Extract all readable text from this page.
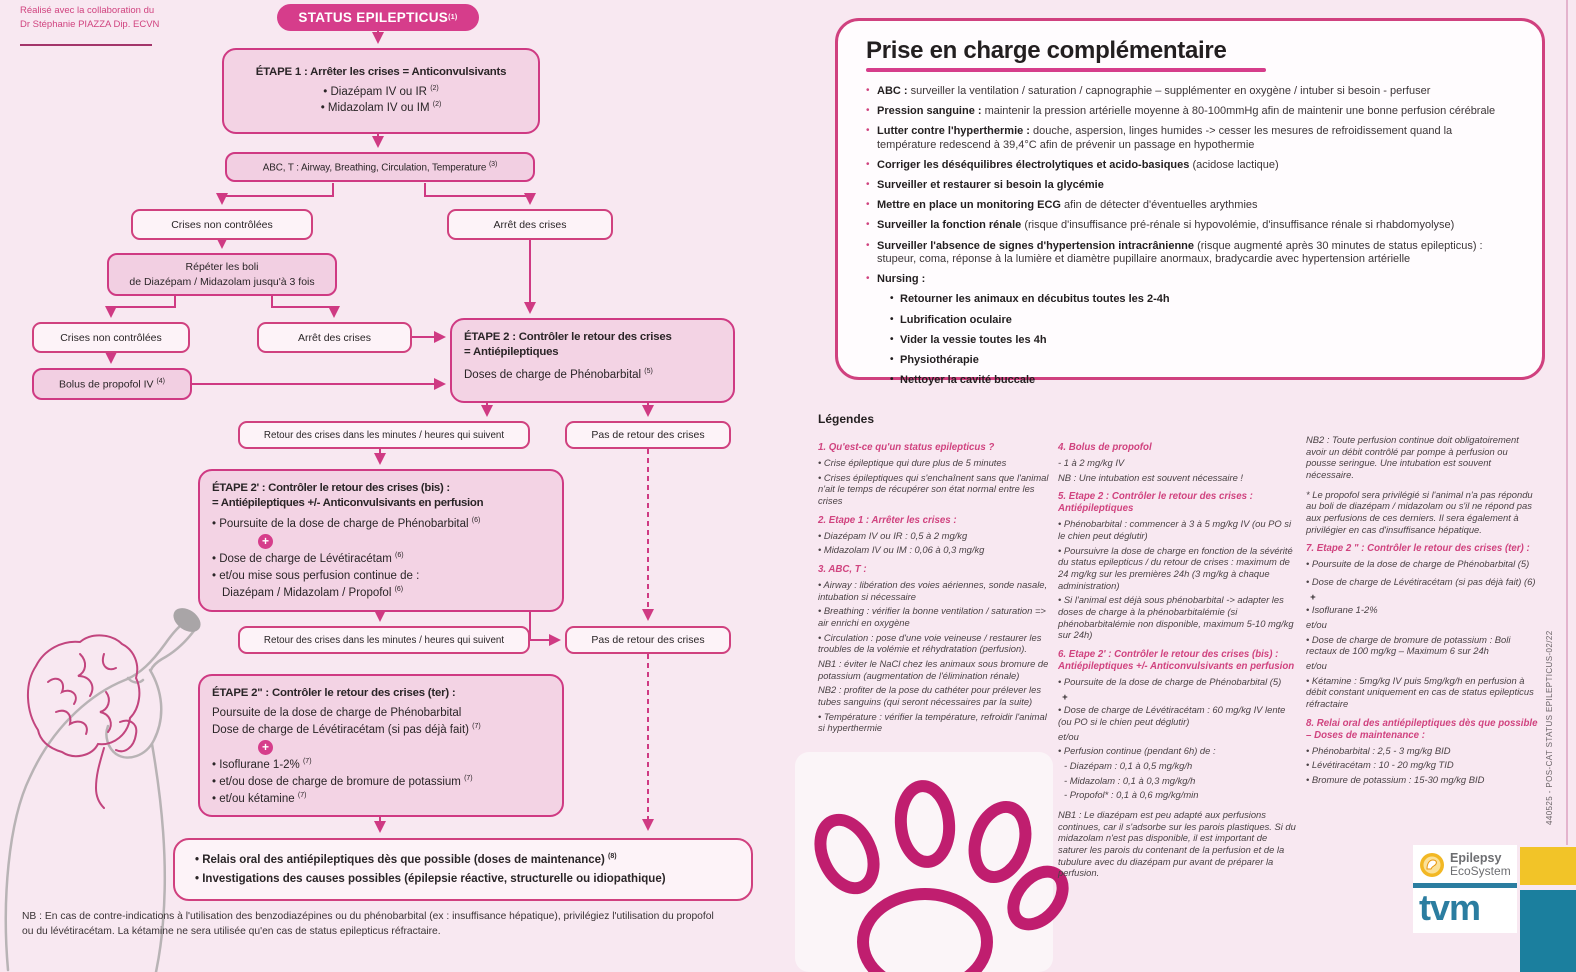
Réalisé avec la collaboration du
Dr Stéphanie PIAZZA Dip. ECVN	STATUS EPILEPTICUS (1)
ÉTAPE 1 : Arrêter les crises = Anticonvulsivants
• Diazépam IV ou IR $^{(2)}$
• Midazolam IV ou IM $^{(2)}$
ABC, T : Airway, Breathing, Circulation, Temperature $^{(3)}$
Crises non contrôlées	Arrêt des crises
Répéter les boli
de Diazépam / Midazolam jusqu'à 3 fois
Crises non contrôlées	Arrêt des crises
Bolus de propofol IV $^{(4)}$
ÉTAPE 2 : Contrôler le retour des crises
= Antiépileptiques
Doses de charge de Phénobarbital $^{(5)}$
Retour des crises dans les minutes / heures qui suivent	Pas de retour des crises
ÉTAPE 2' : Contrôler le retour des crises (bis) :
= Antiépileptiques +/- Anticonvulsivants en perfusion
• Poursuite de la dose de charge de Phénobarbital $^{(6)}$
+
• Dose de charge de Lévétiracétam $^{(6)}$
• et/ou mise sous perfusion continue de :
Diazépam / Midazolam / Propofol $^{(6)}$
Retour des crises dans les minutes / heures qui suivent	Pas de retour des crises
ÉTAPE 2" : Contrôler le retour des crises (ter) :
Poursuite de la dose de charge de Phénobarbital
Dose de charge de Lévétiracétam (si pas déjà fait) $^{(7)}$
+
• Isoflurane 1-2% $^{(7)}$
• et/ou dose de charge de bromure de potassium $^{(7)}$
• et/ou kétamine $^{(7)}$
• Relais oral des antiépileptiques dès que possible (doses de maintenance) $^{(8)}$
• Investigations des causes possibles (épilepsie réactive, structurelle ou idiopathique)
NB : En cas de contre-indications à l'utilisation des benzodiazépines ou du phénobarbital (ex : insuffisance hépatique), privilégiez l'utilisation du propofol ou du lévétiracétam. La kétamine ne sera utilisée qu'en cas de status epilepticus réfractaire.
Prise en charge complémentaire
• ABC : surveiller la ventilation / saturation / capnographie – supplémenter en oxygène / intuber si besoin - perfuser
• Pression sanguine : maintenir la pression artérielle moyenne à 80-100mmHg afin de maintenir une bonne perfusion cérébrale
• Lutter contre l'hyperthermie : douche, aspersion, linges humides -> cesser les mesures de refroidissement quand la température redescend à 39,4°C afin de prévenir un passage en hypothermie
• Corriger les déséquilibres électrolytiques et acido-basiques (acidose lactique)
• Surveiller et restaurer si besoin la glycémie
• Mettre en place un monitoring ECG afin de détecter d'éventuelles arythmies
• Surveiller la fonction rénale (risque d'insuffisance pré-rénale si hypovolémie, d'insuffisance rénale si rhabdomyolyse)
• Surveiller l'absence de signes d'hypertension intracrânienne (risque augmenté après 30 minutes de status epilepticus) : stupeur, coma, réponse à la lumière et diamètre pupillaire anormaux, bradycardie avec hypertension artérielle
• Nursing :
• Retourner les animaux en décubitus toutes les 2-4h
• Lubrification oculaire
• Vider la vessie toutes les 4h
• Physiothérapie
• Nettoyer la cavité buccale
Légendes

1. Qu'est-ce qu'un status epilepticus ?

• Crise épileptique qui dure plus de 5 minutes

• Crises épileptiques qui s'enchaînent sans que l'animal n'ait le temps de récupérer son état normal entre les crises

2. Etape 1 : Arrêter les crises :

• Diazépam IV ou IR : 0,5 à 2 mg/kg

• Midazolam IV ou IM : 0,06 à 0,3 mg/kg

3. ABC, T :

• Airway : libération des voies aériennes, sonde nasale, intubation si nécessaire

• Breathing : vérifier la bonne ventilation / saturation => air enrichi en oxygène

• Circulation : pose d'une voie veineuse / restaurer les troubles de la volémie et réhydratation (perfusion).

NB1 : éviter le NaCl chez les animaux sous bromure de potassium (augmentation de l'élimination rénale)

NB2 : profiter de la pose du cathéter pour prélever les tubes sanguins (qui seront nécessaires par la suite)

• Température : vérifier la température, refroidir l'animal si hyperthermie

4. Bolus de propofol

- 1 à 2 mg/kg IV

NB : Une intubation est souvent nécessaire !

5. Etape 2 : Contrôler le retour des crises : Antiépileptiques

• Phénobarbital : commencer à 3 à 5 mg/kg IV (ou PO si le chien peut déglutir)

• Poursuivre la dose de charge en fonction de la sévérité du status epilepticus / du retour de crises : maximum de 24 mg/kg sur les premières 24h (3 mg/kg à chaque administration)

• Si l'animal est déjà sous phénobarbital -> adapter les doses de charge à la phénobarbitalémie (si phénobarbitalémie non disponible, maximum 5-10 mg/kg sur 24h)

6. Etape 2' : Contrôler le retour des crises (bis) : Antiépileptiques +/- Anticonvulsivants en perfusion

• Poursuite de la dose de charge de Phénobarbital (5)

+

• Dose de charge de Lévétiracétam : 60 mg/kg IV lente (ou PO si le chien peut déglutir)

et/ou

• Perfusion continue (pendant 6h) de :

- Diazépam : 0,1 à 0,5 mg/kg/h

- Midazolam : 0,1 à 0,3 mg/kg/h

- Propofol* : 0,1 à 0,6 mg/kg/min

NB1 : Le diazépam est peu adapté aux perfusions continues, car il s'adsorbe sur les parois plastiques. Si du midazolam n'est pas disponible, il est important de saturer les parois du contenant de la perfusion et de la tubulure avec du diazépam pur avant de préparer la perfusion.

NB2 : Toute perfusion continue doit obligatoirement avoir un débit contrôlé par pompe à perfusion ou pousse seringue. Une intubation est souvent nécessaire.

* Le propofol sera privilégié si l'animal n'a pas répondu au boli de diazépam / midazolam ou s'il ne répond pas aux perfusions de ces derniers. Il sera également à privilégier en cas d'insuffisance hépatique.

7. Etape 2 " : Contrôler le retour des crises (ter) :

• Poursuite de la dose de charge de Phénobarbital (5)

• Dose de charge de Lévétiracétam (si pas déjà fait) (6)

+

• Isoflurane 1-2%

et/ou

• Dose de charge de bromure de potassium : Boli rectaux de 100 mg/kg – Maximum 6 sur 24h

et/ou

• Kétamine : 5mg/kg IV puis 5mg/kg/h en perfusion à débit constant uniquement en cas de status epilepticus réfractaire

8. Relai oral des antiépileptiques dès que possible – Doses de maintenance :

• Phénobarbital : 2,5 - 3 mg/kg BID

• Lévétiracétam : 10 - 20 mg/kg TID

• Bromure de potassium : 15-30 mg/kg BID	440525 - POS-CAT STATUS EPILEPTICUS-02/22
Epilepsy
EcoSystem
tvm
